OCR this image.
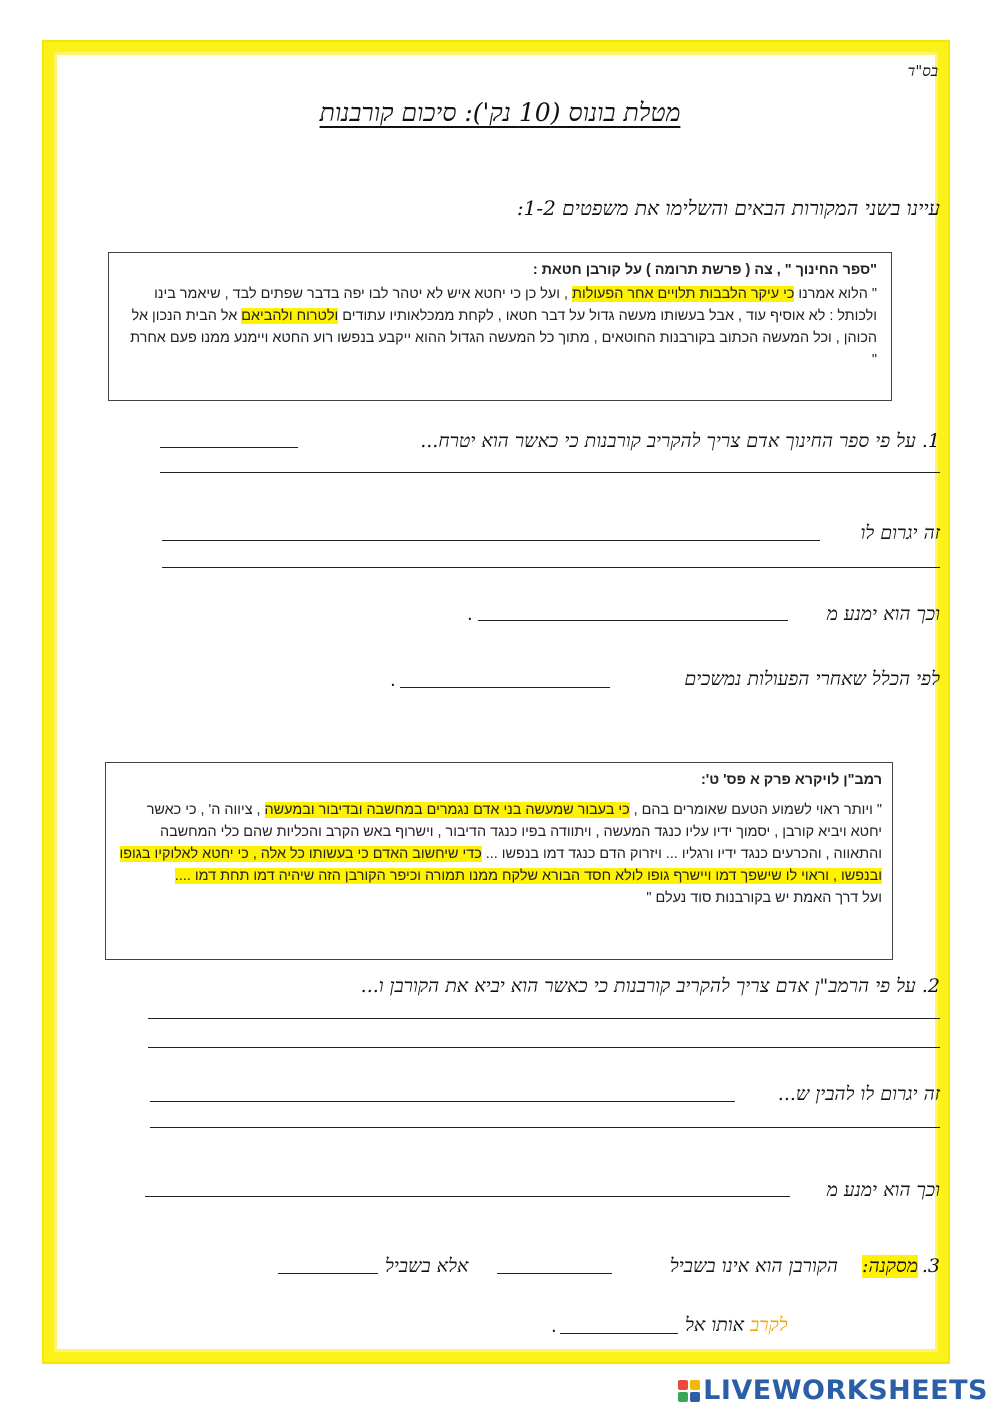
בס"ד
מטלת בונוס (10 נק'): סיכום קורבנות
עיינו בשני המקורות הבאים והשלימו את משפטים 1-2:
"ספר החינוך " , צה ( פרשת תרומה ) על קורבן חטאת :
" הלוא אמרנו כי עיקר הלבבות תלויים אחר הפעולות , ועל כן כי יחטא איש לא יטהר לבו יפה בדבר שפתים לבד , שיאמר בינו ולכותל : לא אוסיף עוד , אבל בעשותו מעשה גדול על דבר חטאו , לקחת ממכלאותיו עתודים ולטרוח ולהביאם אל הבית הנכון אל הכוהן , וכל המעשה הכתוב בקורבנות החוטאים , מתוך כל המעשה הגדול ההוא ייקבע בנפשו רוע החטא ויימנע ממנו פעם אחרת "
1. על פי ספר החינוך אדם צריך להקריב קורבנות כי כאשר הוא יטרח...
זה יגרום לו
וכך הוא ימנע מ
.
לפי הכלל שאחרי הפעולות נמשכים
.
רמב"ן לויקרא פרק א פס' ט':
" ויותר ראוי לשמוע הטעם שאומרים בהם , כי בעבור שמעשה בני אדם נגמרים במחשבה ובדיבור ובמעשה , ציווה ה' , כי כאשר יחטא ויביא קורבן , יסמוך ידיו עליו כנגד המעשה , ויתוודה בפיו כנגד הדיבור , וישרוף באש הקרב והכליות שהם כלי המחשבה והתאווה , והכרעים כנגד ידיו ורגליו ... ויזרוק הדם כנגד דמו בנפשו ... כדי שיחשוב האדם כי בעשותו כל אלה , כי יחטא לאלוקיו בגופו ובנפשו , וראוי לו שישפך דמו ויישרף גופו לולא חסד הבורא שלקח ממנו תמורה וכיפר הקורבן הזה שיהיה דמו תחת דמו ....
ועל דרך האמת יש בקורבנות סוד נעלם "
2. על פי הרמב"ן אדם צריך להקריב קורבנות כי כאשר הוא יביא את הקורבן ו...
זה יגרום לו להבין ש...
וכך הוא ימנע מ
3.
מסקנה:
הקורבן הוא אינו בשביל
אלא בשביל
לקרב אותו אל
.
LIVEWORKSHEETS
